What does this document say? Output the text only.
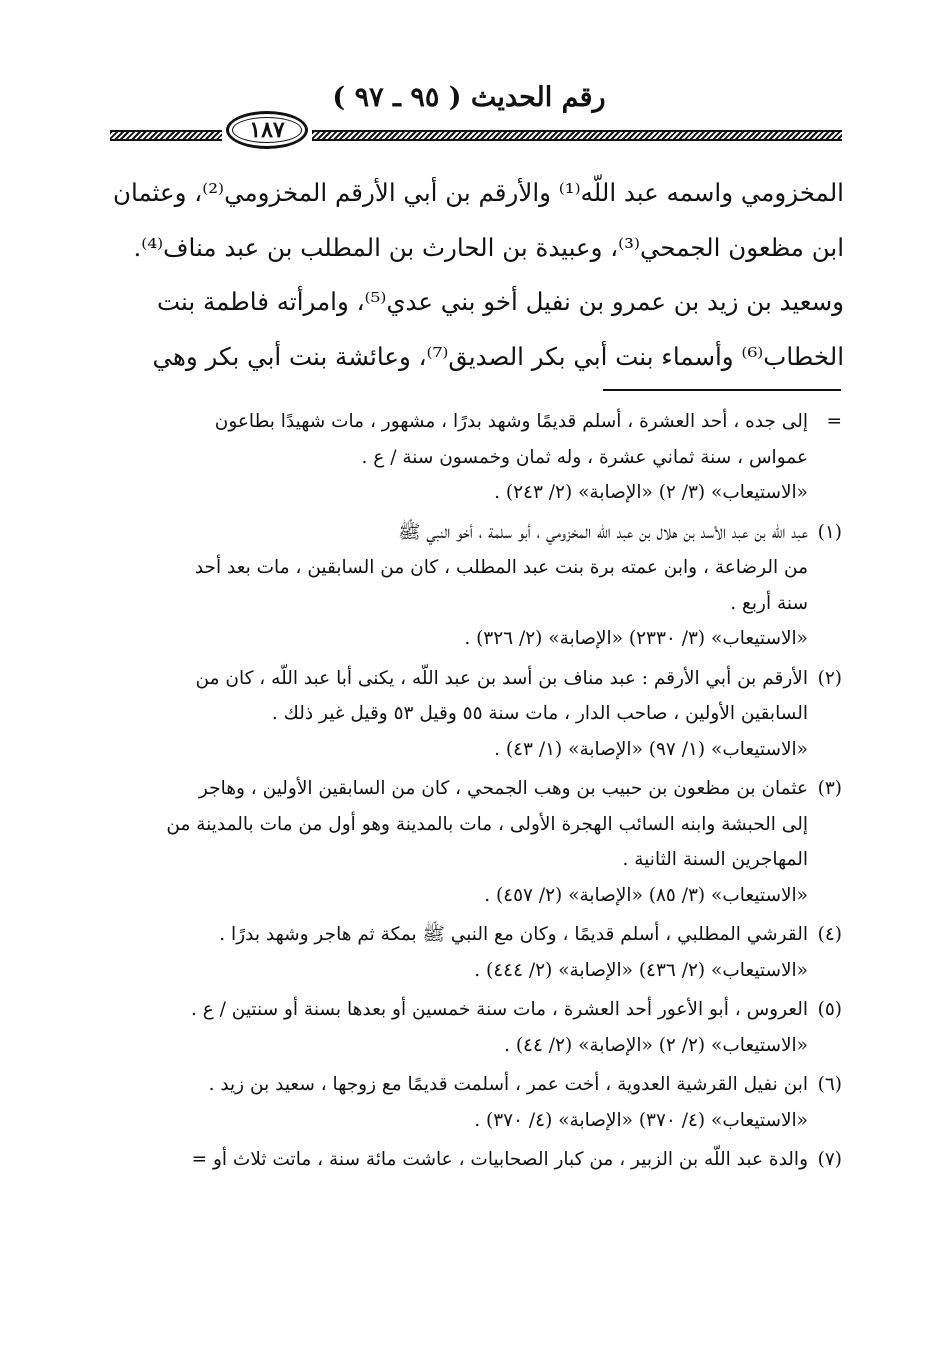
رقم الحديث ( ٩٥ ـ ٩٧ )
١٨٧

المخزومي واسمه عبد اللّه⁽¹⁾ والأرقم بن أبي الأرقم المخزومي⁽²⁾، وعثمان

ابن مظعون الجمحي⁽³⁾، وعبيدة بن الحارث بن المطلب بن عبد مناف⁽⁴⁾.

وسعيد بن زيد بن عمرو بن نفيل أخو بني عدي⁽⁵⁾، وامرأته فاطمة بنت

الخطاب⁽⁶⁾ وأسماء بنت أبي بكر الصديق⁽⁷⁾، وعائشة بنت أبي بكر وهي

=
إلى جده ، أحد العشرة ، أسلم قديمًا وشهد بدرًا ، مشهور ، مات شهيدًا بطاعون
عمواس ، سنة ثماني عشرة ، وله ثمان وخمسون سنة / ع .
«الاستيعاب» (٣/ ٢) «الإصابة» (٢/ ٢٤٣) .
(١)
عبد اللّه بن عبد الأسد بن هلال بن عبد اللّه المخزومي ، أبو سلمة ، أخو النبي ﷺ
من الرضاعة ، وابن عمته برة بنت عبد المطلب ، كان من السابقين ، مات بعد أحد
سنة أربع .
«الاستيعاب» (٣/ ٢٣٣٠) «الإصابة» (٢/ ٣٢٦) .
(٢)
الأرقم بن أبي الأرقم : عبد مناف بن أسد بن عبد اللّه ، يكنى أبا عبد اللّه ، كان من
السابقين الأولين ، صاحب الدار ، مات سنة ٥٥ وقيل ٥٣ وقيل غير ذلك .
«الاستيعاب» (١/ ٩٧) «الإصابة» (١/ ٤٣) .
(٣)
عثمان بن مظعون بن حبيب بن وهب الجمحي ، كان من السابقين الأولين ، وهاجر
إلى الحبشة وابنه السائب الهجرة الأولى ، مات بالمدينة وهو أول من مات بالمدينة من
المهاجرين السنة الثانية .
«الاستيعاب» (٣/ ٨٥) «الإصابة» (٢/ ٤٥٧) .
(٤)
القرشي المطلبي ، أسلم قديمًا ، وكان مع النبي ﷺ بمكة ثم هاجر وشهد بدرًا .
«الاستيعاب» (٢/ ٤٣٦) «الإصابة» (٢/ ٤٤٤) .
(٥)
العروس ، أبو الأعور أحد العشرة ، مات سنة خمسين أو بعدها بسنة أو سنتين / ع .
«الاستيعاب» (٢/ ٢) «الإصابة» (٢/ ٤٤) .
(٦)
ابن نفيل القرشية العدوية ، أخت عمر ، أسلمت قديمًا مع زوجها ، سعيد بن زيد .
«الاستيعاب» (٤/ ٣٧٠) «الإصابة» (٤/ ٣٧٠) .
(٧)
والدة عبد اللّه بن الزبير ، من كبار الصحابيات ، عاشت مائة سنة ، ماتت ثلاث أو =
